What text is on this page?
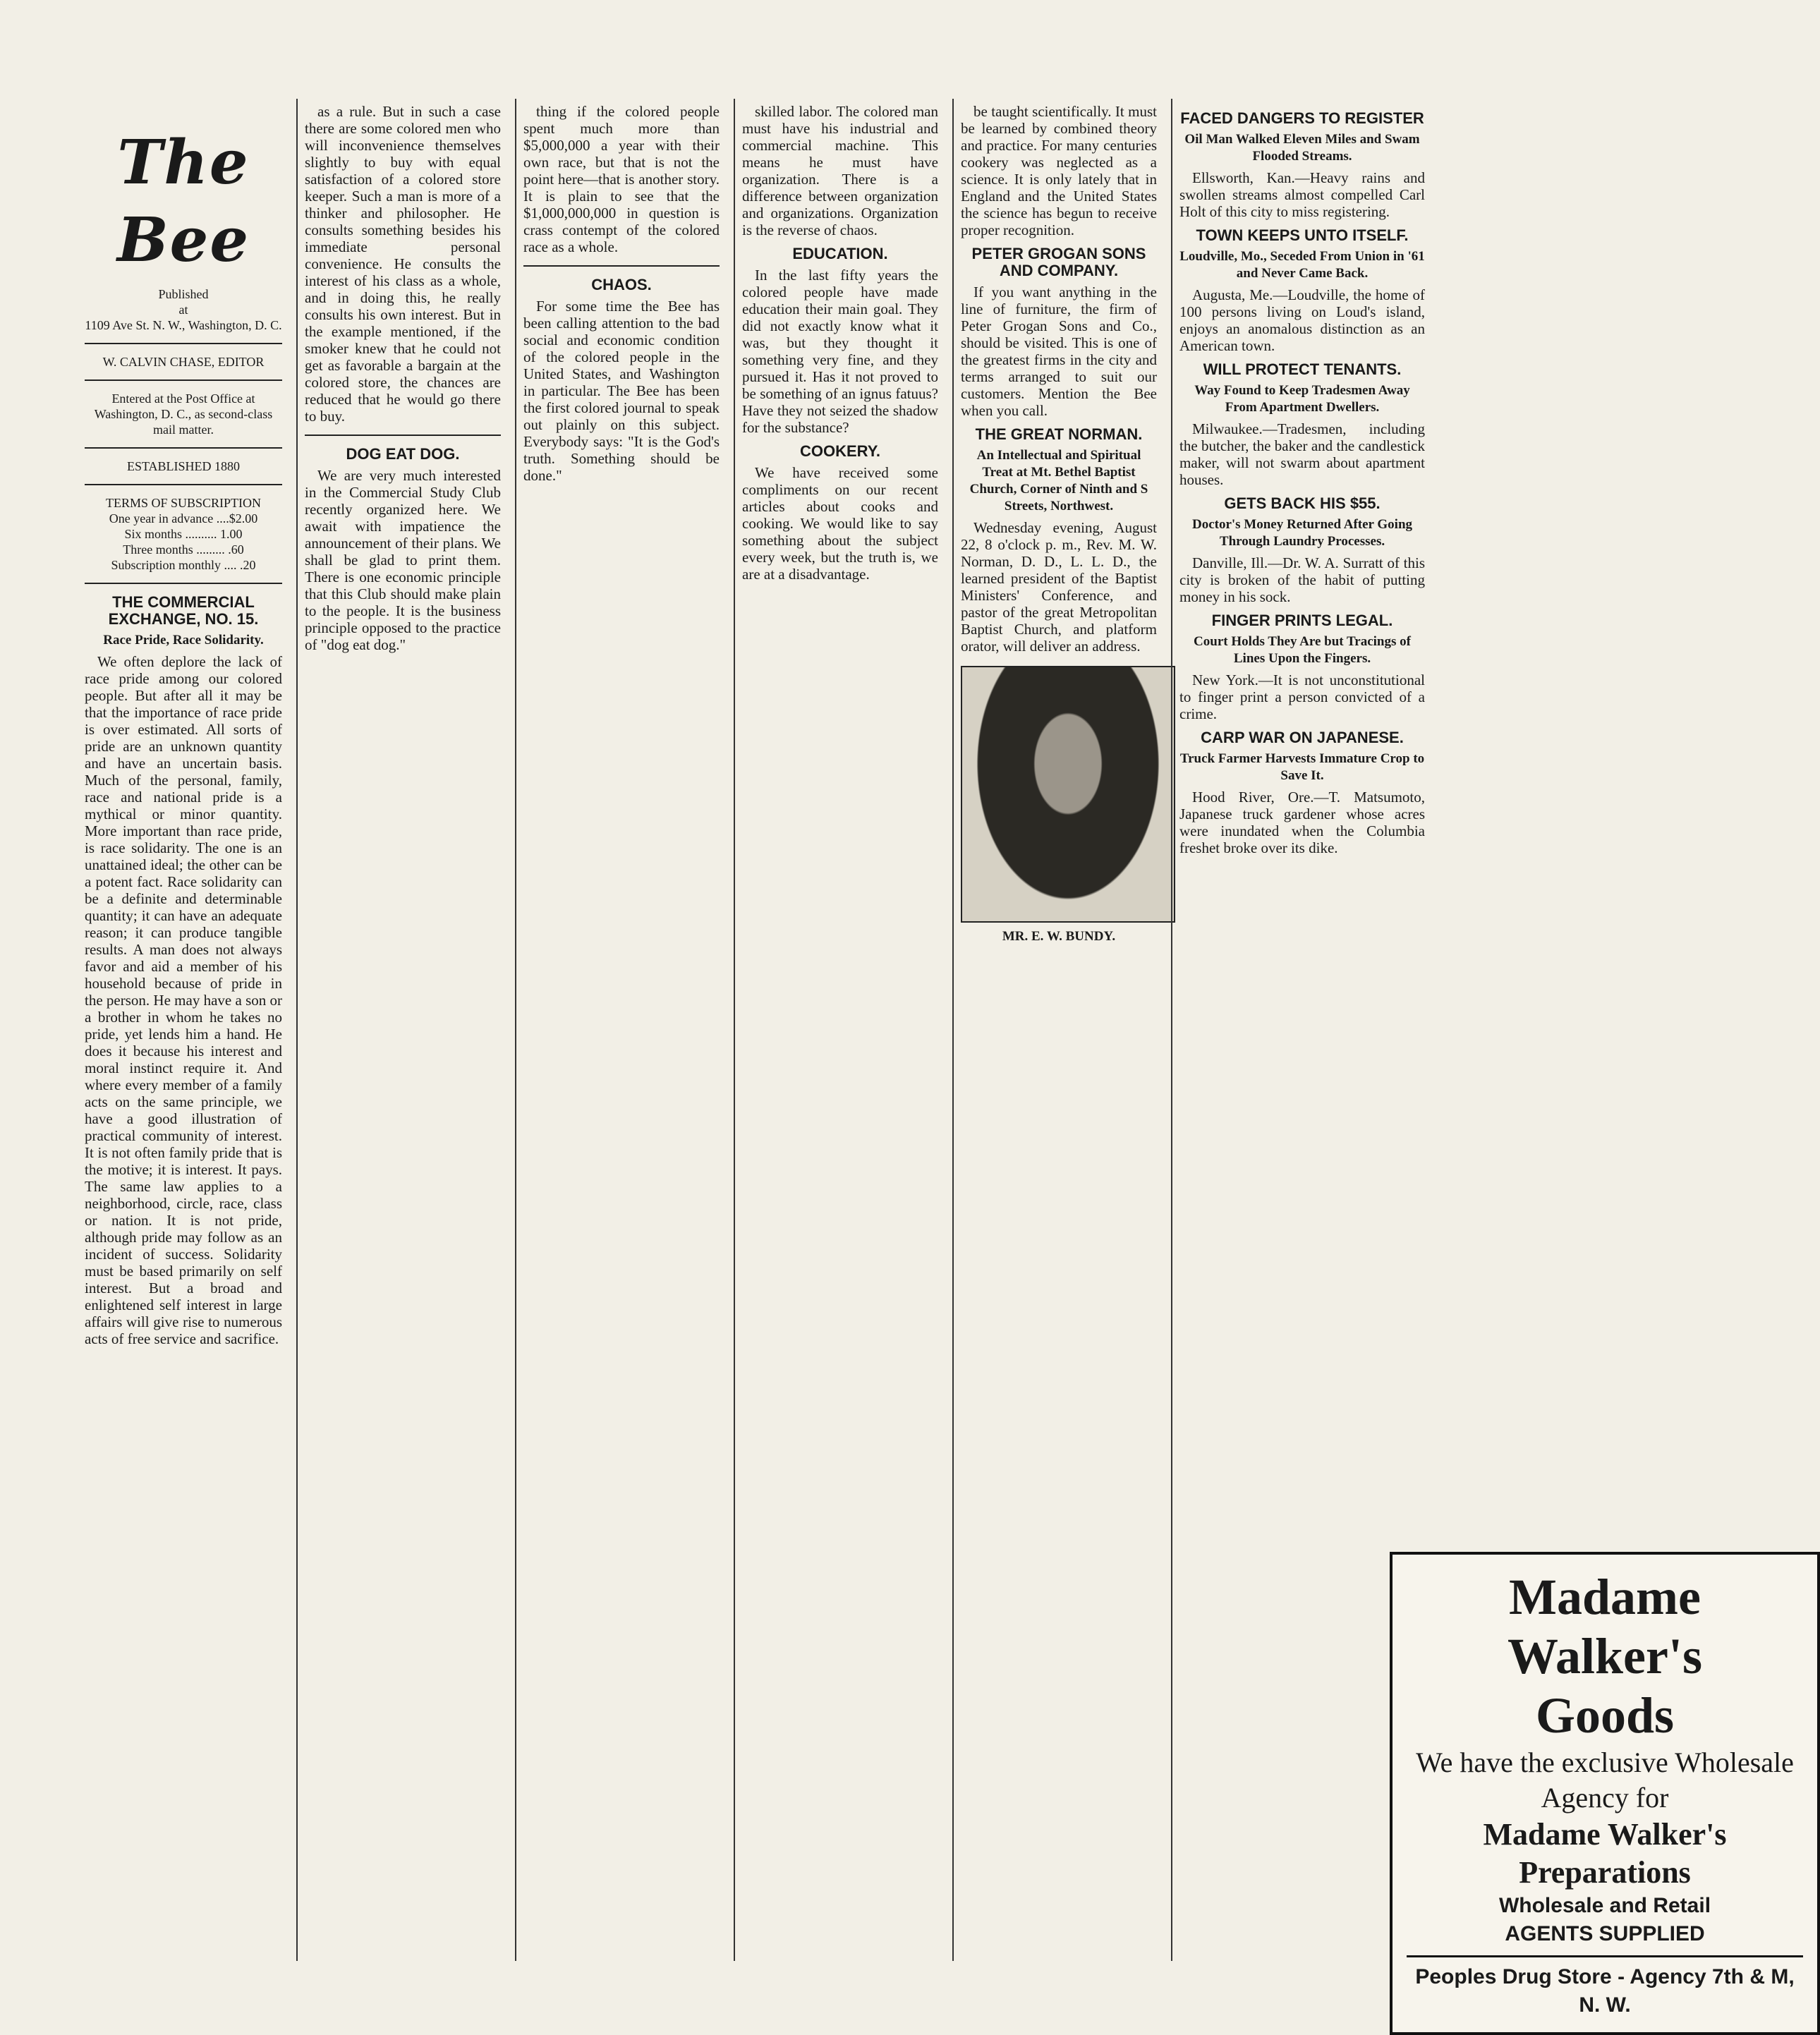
The Bee
Published
at
1109 Ave St. N. W., Washington, D. C.
W. CALVIN CHASE, EDITOR
Entered at the Post Office at Washington, D. C., as second-class mail matter.
ESTABLISHED 1880
TERMS OF SUBSCRIPTION
One year in advance ....$2.00
Six months .......... 1.00
Three months ......... .60
Subscription monthly .... .20
THE COMMERCIAL EXCHANGE, NO. 15.
Race Pride, Race Solidarity.

We often deplore the lack of race pride among our colored people. But after all it may be that the importance of race pride is over estimated. All sorts of pride are an unknown quantity and have an uncertain basis. Much of the personal, family, race and national pride is a mythical or minor quantity. More important than race pride, is race solidarity. The one is an unattained ideal; the other can be a potent fact. Race solidarity can be a definite and determinable quantity; it can have an adequate reason; it can produce tangible results. A man does not always favor and aid a member of his household because of pride in the person. He may have a son or a brother in whom he takes no pride, yet lends him a hand. He does it because his interest and moral instinct require it. And where every member of a family acts on the same principle, we have a good illustration of practical community of interest. It is not often family pride that is the motive; it is interest. It pays. The same law applies to a neighborhood, circle, race, class or nation. It is not pride, although pride may follow as an incident of success. Solidarity must be based primarily on self interest. But a broad and enlightened self interest in large affairs will give rise to numerous acts of free service and sacrifice.

as a rule. But in such a case there are some colored men who will inconvenience themselves slightly to buy with equal satisfaction of a colored store keeper. Such a man is more of a thinker and philosopher. He consults something besides his immediate personal convenience. He consults the interest of his class as a whole, and in doing this, he really consults his own interest. But in the example mentioned, if the smoker knew that he could not get as favorable a bargain at the colored store, the chances are reduced that he would go there to buy.

DOG EAT DOG.

We are very much interested in the Commercial Study Club recently organized here. We await with impatience the announcement of their plans. We shall be glad to print them. There is one economic principle that this Club should make plain to the people. It is the business principle opposed to the practice of "dog eat dog."

thing if the colored people spent much more than $5,000,000 a year with their own race, but that is not the point here—that is another story. It is plain to see that the $1,000,000,000 in question is crass contempt of the colored race as a whole.

CHAOS.

For some time the Bee has been calling attention to the bad social and economic condition of the colored people in the United States, and Washington in particular. The Bee has been the first colored journal to speak out plainly on this subject. Everybody says: "It is the God's truth. Something should be done."

skilled labor. The colored man must have his industrial and commercial machine. This means he must have organization. There is a difference between organization and organizations. Organization is the reverse of chaos.

EDUCATION.

In the last fifty years the colored people have made education their main goal. They did not exactly know what it was, but they thought it something very fine, and they pursued it. Has it not proved to be something of an ignus fatuus? Have they not seized the shadow for the substance?

COOKERY.

We have received some compliments on our recent articles about cooks and cooking. We would like to say something about the subject every week, but the truth is, we are at a disadvantage.

be taught scientifically. It must be learned by combined theory and practice. For many centuries cookery was neglected as a science. It is only lately that in England and the United States the science has begun to receive proper recognition.

PETER GROGAN SONS AND COMPANY.

If you want anything in the line of furniture, the firm of Peter Grogan Sons and Co., should be visited. This is one of the greatest firms in the city and terms arranged to suit our customers. Mention the Bee when you call.

THE GREAT NORMAN.
An Intellectual and Spiritual Treat at Mt. Bethel Baptist Church, Corner of Ninth and S Streets, Northwest.

Wednesday evening, August 22, 8 o'clock p. m., Rev. M. W. Norman, D. D., L. L. D., the learned president of the Baptist Ministers' Conference, and pastor of the great Metropolitan Baptist Church, and platform orator, will deliver an address.

MR. E. W. BUNDY.
FACED DANGERS TO REGISTER
Oil Man Walked Eleven Miles and Swam Flooded Streams.

Ellsworth, Kan.—Heavy rains and swollen streams almost compelled Carl Holt of this city to miss registering.

TOWN KEEPS UNTO ITSELF.
Loudville, Mo., Seceded From Union in '61 and Never Came Back.

Augusta, Me.—Loudville, the home of 100 persons living on Loud's island, enjoys an anomalous distinction as an American town.

WILL PROTECT TENANTS.
Way Found to Keep Tradesmen Away From Apartment Dwellers.

Milwaukee.—Tradesmen, including the butcher, the baker and the candlestick maker, will not swarm about apartment houses.

GETS BACK HIS $55.
Doctor's Money Returned After Going Through Laundry Processes.

Danville, Ill.—Dr. W. A. Surratt of this city is broken of the habit of putting money in his sock.

FINGER PRINTS LEGAL.
Court Holds They Are but Tracings of Lines Upon the Fingers.

New York.—It is not unconstitutional to finger print a person convicted of a crime.

CARP WAR ON JAPANESE.
Truck Farmer Harvests Immature Crop to Save It.

Hood River, Ore.—T. Matsumoto, Japanese truck gardener whose acres were inundated when the Columbia freshet broke over its dike.

Madame Walker's
Goods
We have the exclusive Wholesale
Agency for
Madame Walker's Preparations
Wholesale and Retail
AGENTS SUPPLIED
Peoples Drug Store - Agency 7th & M, N. W.
